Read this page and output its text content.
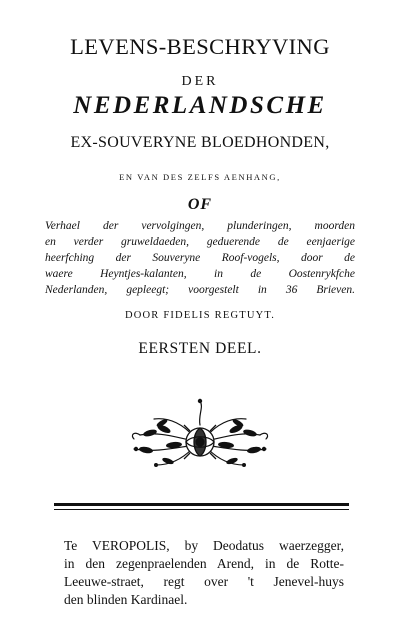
LEVENS-BESCHRYVING
DER
NEDERLANDSCHE
EX-SOUVERYNE BLOEDHONDEN,
EN VAN DES ZELFS AENHANG,
OF
Verhael der vervolgingen, plunderingen, moorden
en verder gruweldaeden, geduerende de eenjaerige
heerfching der Souveryne Roof-vogels, door de
waere Heyntjes-kalanten, in de Oostenrykfche
Nederlanden, gepleegt; voorgestelt in 36 Brieven.
DOOR FIDELIS REGTUYT.
EERSTEN DEEL.
Te VEROPOLIS, by Deodatus waerzegger,
in den zegenpraelenden Arend, in de Rotte-
Leeuwe-straet, regt over 't Jenevel-huys
den blinden Kardinael.
